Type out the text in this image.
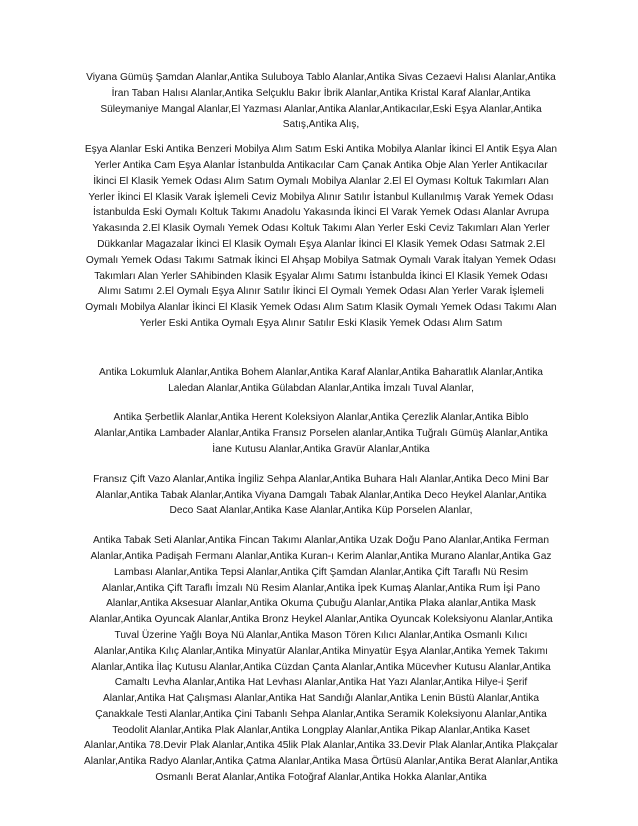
Viyana Gümüş Şamdan Alanlar,Antika Suluboya Tablo Alanlar,Antika Sivas Cezaevi Halısı Alanlar,Antika İran Taban Halısı Alanlar,Antika Selçuklu Bakır İbrik Alanlar,Antika Kristal Karaf Alanlar,Antika Süleymaniye Mangal Alanlar,El Yazması Alanlar,Antika Alanlar,Antikacılar,Eski Eşya Alanlar,Antika Satış,Antika Alış,

Eşya Alanlar Eski Antika Benzeri Mobilya Alım Satım Eski Antika Mobilya Alanlar İkinci El Antik Eşya Alan Yerler Antika Cam Eşya Alanlar İstanbulda Antikacılar Cam Çanak Antika Obje Alan Yerler Antikacılar İkinci El Klasik Yemek Odası Alım Satım Oymalı Mobilya Alanlar 2.El El Oyması Koltuk Takımları Alan Yerler İkinci El Klasik Varak İşlemeli Ceviz Mobilya Alınır Satılır İstanbul Kullanılmış Varak Yemek Odası İstanbulda Eski Oymalı Koltuk Takımı Anadolu Yakasında İkinci El Varak Yemek Odası Alanlar Avrupa Yakasında 2.El Klasik Oymalı Yemek Odası Koltuk Takımı Alan Yerler Eski Ceviz Takımları Alan Yerler Dükkanlar Magazalar İkinci El Klasik Oymalı Eşya Alanlar İkinci El Klasik Yemek Odası Satmak 2.El Oymalı Yemek Odası Takımı Satmak İkinci El Ahşap Mobilya Satmak Oymalı Varak İtalyan Yemek Odası Takımları Alan Yerler SAhibinden Klasik Eşyalar Alımı Satımı İstanbulda İkinci El Klasik Yemek Odası Alımı Satımı 2.El Oymalı Eşya Alınır Satılır İkinci El Oymalı Yemek Odası Alan Yerler Varak İşlemeli Oymalı Mobilya Alanlar İkinci El Klasik Yemek Odası Alım Satım Klasik Oymalı Yemek Odası Takımı Alan Yerler Eski Antika Oymalı Eşya Alınır Satılır Eski Klasik Yemek Odası Alım Satım

Antika Lokumluk Alanlar,Antika Bohem Alanlar,Antika Karaf Alanlar,Antika Baharatlık Alanlar,Antika Laledan Alanlar,Antika Gülabdan Alanlar,Antika İmzalı Tuval Alanlar,

Antika Şerbetlik Alanlar,Antika Herent Koleksiyon Alanlar,Antika Çerezlik Alanlar,Antika Biblo Alanlar,Antika Lambader Alanlar,Antika Fransız Porselen alanlar,Antika Tuğralı Gümüş Alanlar,Antika İane Kutusu Alanlar,Antika Gravür Alanlar,Antika

Fransız Çift Vazo Alanlar,Antika İngiliz Sehpa Alanlar,Antika Buhara Halı Alanlar,Antika Deco Mini Bar Alanlar,Antika Tabak Alanlar,Antika Viyana Damgalı Tabak Alanlar,Antika Deco Heykel Alanlar,Antika Deco Saat Alanlar,Antika Kase Alanlar,Antika Küp Porselen Alanlar,

Antika Tabak Seti Alanlar,Antika Fincan Takımı Alanlar,Antika Uzak Doğu Pano Alanlar,Antika Ferman Alanlar,Antika Padişah Fermanı Alanlar,Antika Kuran-ı Kerim Alanlar,Antika Murano Alanlar,Antika Gaz Lambası Alanlar,Antika Tepsi Alanlar,Antika Çift Şamdan Alanlar,Antika Çift Taraflı Nü Resim Alanlar,Antika Çift Taraflı İmzalı Nü Resim Alanlar,Antika İpek Kumaş Alanlar,Antika Rum İşi Pano Alanlar,Antika Aksesuar Alanlar,Antika Okuma Çubuğu Alanlar,Antika Plaka alanlar,Antika Mask Alanlar,Antika Oyuncak Alanlar,Antika Bronz Heykel Alanlar,Antika Oyuncak Koleksiyonu Alanlar,Antika Tuval Üzerine Yağlı Boya Nü Alanlar,Antika Mason Tören Kılıcı Alanlar,Antika Osmanlı Kılıcı Alanlar,Antika Kılıç Alanlar,Antika Minyatür Alanlar,Antika Minyatür Eşya Alanlar,Antika Yemek Takımı Alanlar,Antika İlaç Kutusu Alanlar,Antika Cüzdan Çanta Alanlar,Antika Mücevher Kutusu Alanlar,Antika Camaltı Levha Alanlar,Antika Hat Levhası Alanlar,Antika Hat Yazı Alanlar,Antika Hilye-i Şerif Alanlar,Antika Hat Çalışması Alanlar,Antika Hat Sandığı Alanlar,Antika Lenin Büstü Alanlar,Antika Çanakkale Testi Alanlar,Antika Çini Tabanlı Sehpa Alanlar,Antika Seramik Koleksiyonu Alanlar,Antika Teodolit Alanlar,Antika Plak Alanlar,Antika Longplay Alanlar,Antika Pikap Alanlar,Antika Kaset Alanlar,Antika 78.Devir Plak Alanlar,Antika 45lik Plak Alanlar,Antika 33.Devir Plak Alanlar,Antika Plakçalar Alanlar,Antika Radyo Alanlar,Antika Çatma Alanlar,Antika Masa Örtüsü Alanlar,Antika Berat Alanlar,Antika Osmanlı Berat Alanlar,Antika Fotoğraf Alanlar,Antika Hokka Alanlar,Antika
